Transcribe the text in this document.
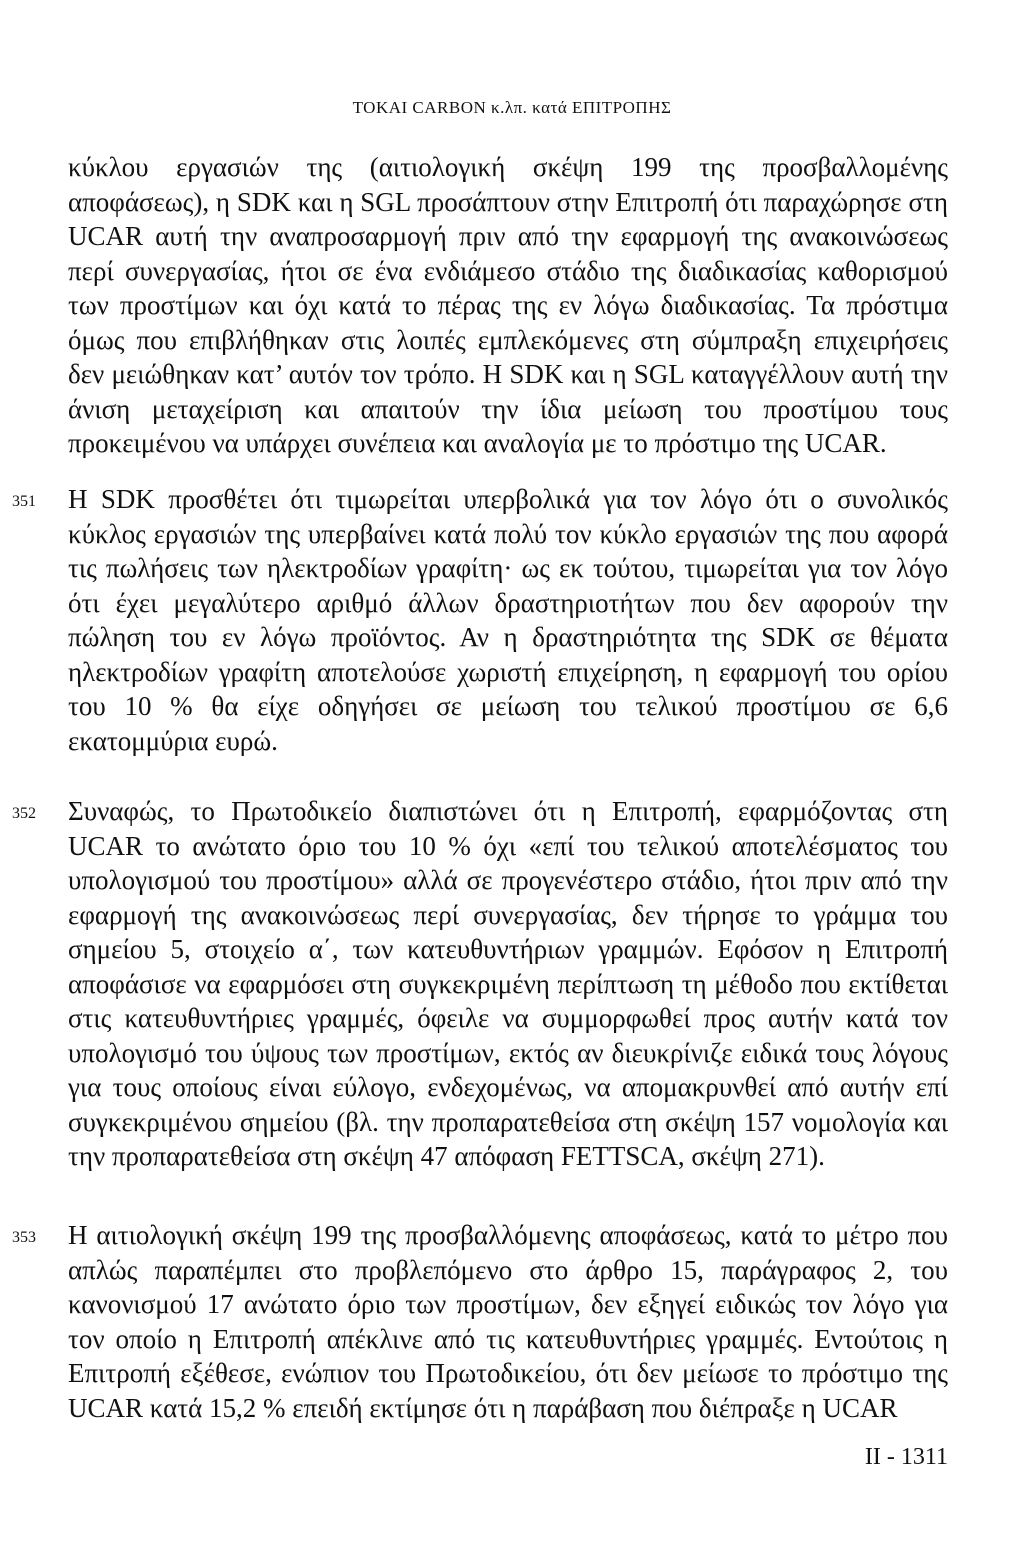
ΤΟΚΑΙ CARBON κ.λπ. κατά ΕΠΙΤΡΟΠΗΣ

κύκλου εργασιών της (αιτιολογική σκέψη 199 της προσβαλλομένης αποφάσεως), η SDK και η SGL προσάπτουν στην Επιτροπή ότι παραχώρησε στη UCAR αυτή την αναπροσαρμογή πριν από την εφαρμογή της ανακοινώσεως περί συνεργασίας, ήτοι σε ένα ενδιάμεσο στάδιο της διαδικασίας καθορισμού των προστίμων και όχι κατά το πέρας της εν λόγω διαδικασίας. Τα πρόστιμα όμως που επιβλήθηκαν στις λοιπές εμπλεκόμενες στη σύμπραξη επιχειρήσεις δεν μειώθηκαν κατ’ αυτόν τον τρόπο. Η SDK και η SGL καταγγέλλουν αυτή την άνιση μεταχείριση και απαιτούν την ίδια μείωση του προστίμου τους προκειμένου να υπάρχει συνέπεια και αναλογία με το πρόστιμο της UCAR.

351	Η SDK προσθέτει ότι τιμωρείται υπερβολικά για τον λόγο ότι ο συνολικός κύκλος εργασιών της υπερβαίνει κατά πολύ τον κύκλο εργασιών της που αφορά τις πωλήσεις των ηλεκτροδίων γραφίτη· ως εκ τούτου, τιμωρείται για τον λόγο ότι έχει μεγαλύτερο αριθμό άλλων δραστηριοτήτων που δεν αφορούν την πώληση του εν λόγω προϊόντος. Αν η δραστηριότητα της SDK σε θέματα ηλεκτροδίων γραφίτη αποτελούσε χωριστή επιχείρηση, η εφαρμογή του ορίου του 10 % θα είχε οδηγήσει σε μείωση του τελικού προστίμου σε 6,6 εκατομμύρια ευρώ.

352	Συναφώς, το Πρωτοδικείο διαπιστώνει ότι η Επιτροπή, εφαρμόζοντας στη UCAR το ανώτατο όριο του 10 % όχι «επί του τελικού αποτελέσματος του υπολογισμού του προστίμου» αλλά σε προγενέστερο στάδιο, ήτοι πριν από την εφαρμογή της ανακοινώσεως περί συνεργασίας, δεν τήρησε το γράμμα του σημείου 5, στοιχείο α΄, των κατευθυντήριων γραμμών. Εφόσον η Επιτροπή αποφάσισε να εφαρμόσει στη συγκεκριμένη περίπτωση τη μέθοδο που εκτίθεται στις κατευθυντήριες γραμμές, όφειλε να συμμορφωθεί προς αυτήν κατά τον υπολογισμό του ύψους των προστίμων, εκτός αν διευκρίνιζε ειδικά τους λόγους για τους οποίους είναι εύλογο, ενδεχομένως, να απομακρυνθεί από αυτήν επί συγκεκριμένου σημείου (βλ. την προπαρατεθείσα στη σκέψη 157 νομολογία και την προπαρατεθείσα στη σκέψη 47 απόφαση FETTSCA, σκέψη 271).

353	Η αιτιολογική σκέψη 199 της προσβαλλόμενης αποφάσεως, κατά το μέτρο που απλώς παραπέμπει στο προβλεπόμενο στο άρθρο 15, παράγραφος 2, του κανονισμού 17 ανώτατο όριο των προστίμων, δεν εξηγεί ειδικώς τον λόγο για τον οποίο η Επιτροπή απέκλινε από τις κατευθυντήριες γραμμές. Εντούτοις η Επιτροπή εξέθεσε, ενώπιον του Πρωτοδικείου, ότι δεν μείωσε το πρόστιμο της UCAR κατά 15,2 % επειδή εκτίμησε ότι η παράβαση που διέπραξε η UCAR

II - 1311
